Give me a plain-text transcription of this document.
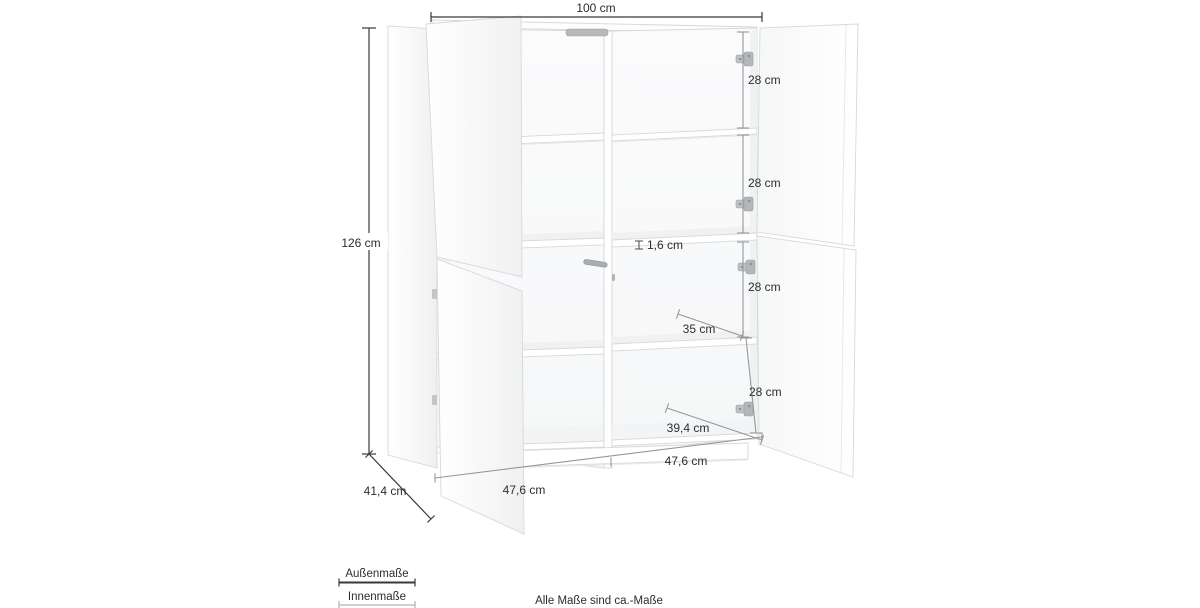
100 cm
126 cm
41,4 cm	47,6 cm
47,6 cm
39,4 cm
35 cm
1,6 cm
28 cm
28 cm
28 cm
28 cm
Außenmaße
Innenmaße	Alle Maße sind ca.-Maße
